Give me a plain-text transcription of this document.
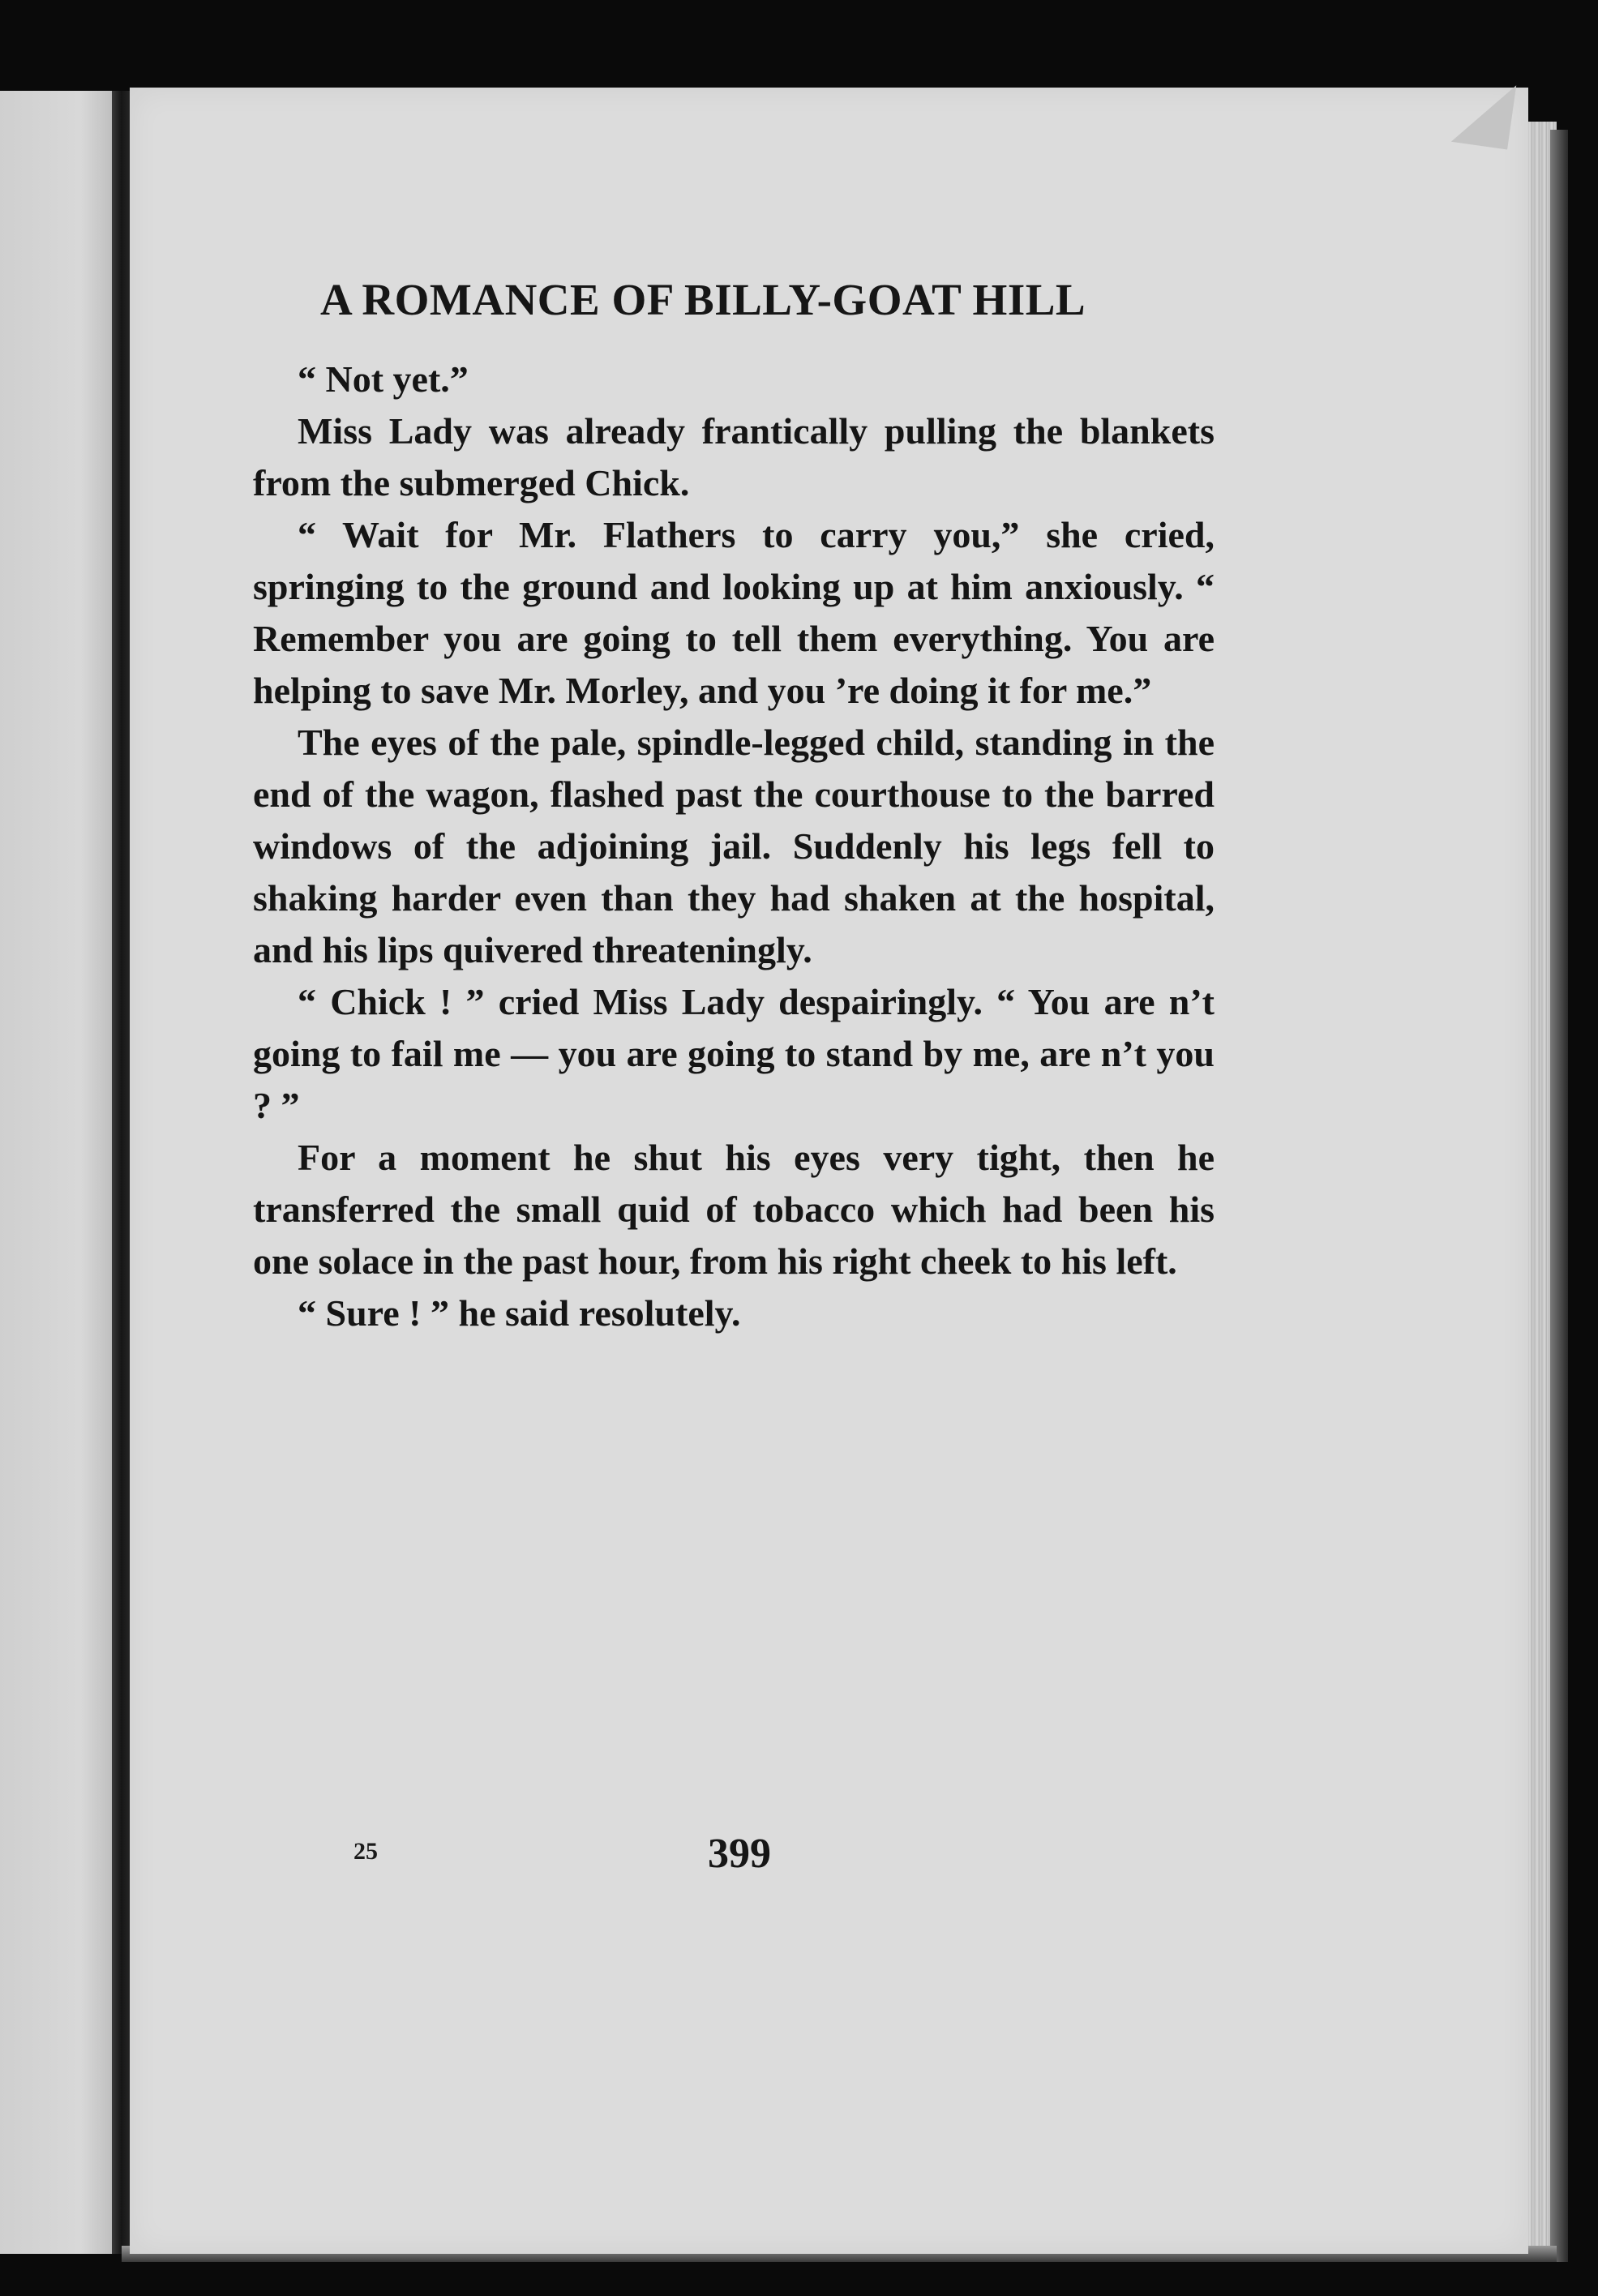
A ROMANCE OF BILLY-GOAT HILL

“ Not yet.”

Miss Lady was already frantically pulling the blankets from the submerged Chick.

“ Wait for Mr. Flathers to carry you,” she cried, springing to the ground and looking up at him anxiously. “ Remember you are going to tell them everything. You are helping to save Mr. Morley, and you ’re doing it for me.”

The eyes of the pale, spindle-legged child, standing in the end of the wagon, flashed past the courthouse to the barred windows of the adjoining jail. Suddenly his legs fell to shaking harder even than they had shaken at the hospital, and his lips quivered threateningly.

“ Chick ! ” cried Miss Lady despairingly. “ You are n’t going to fail me — you are going to stand by me, are n’t you ? ”

For a moment he shut his eyes very tight, then he transferred the small quid of tobacco which had been his one solace in the past hour, from his right cheek to his left.

“ Sure ! ” he said resolutely.

25	399
